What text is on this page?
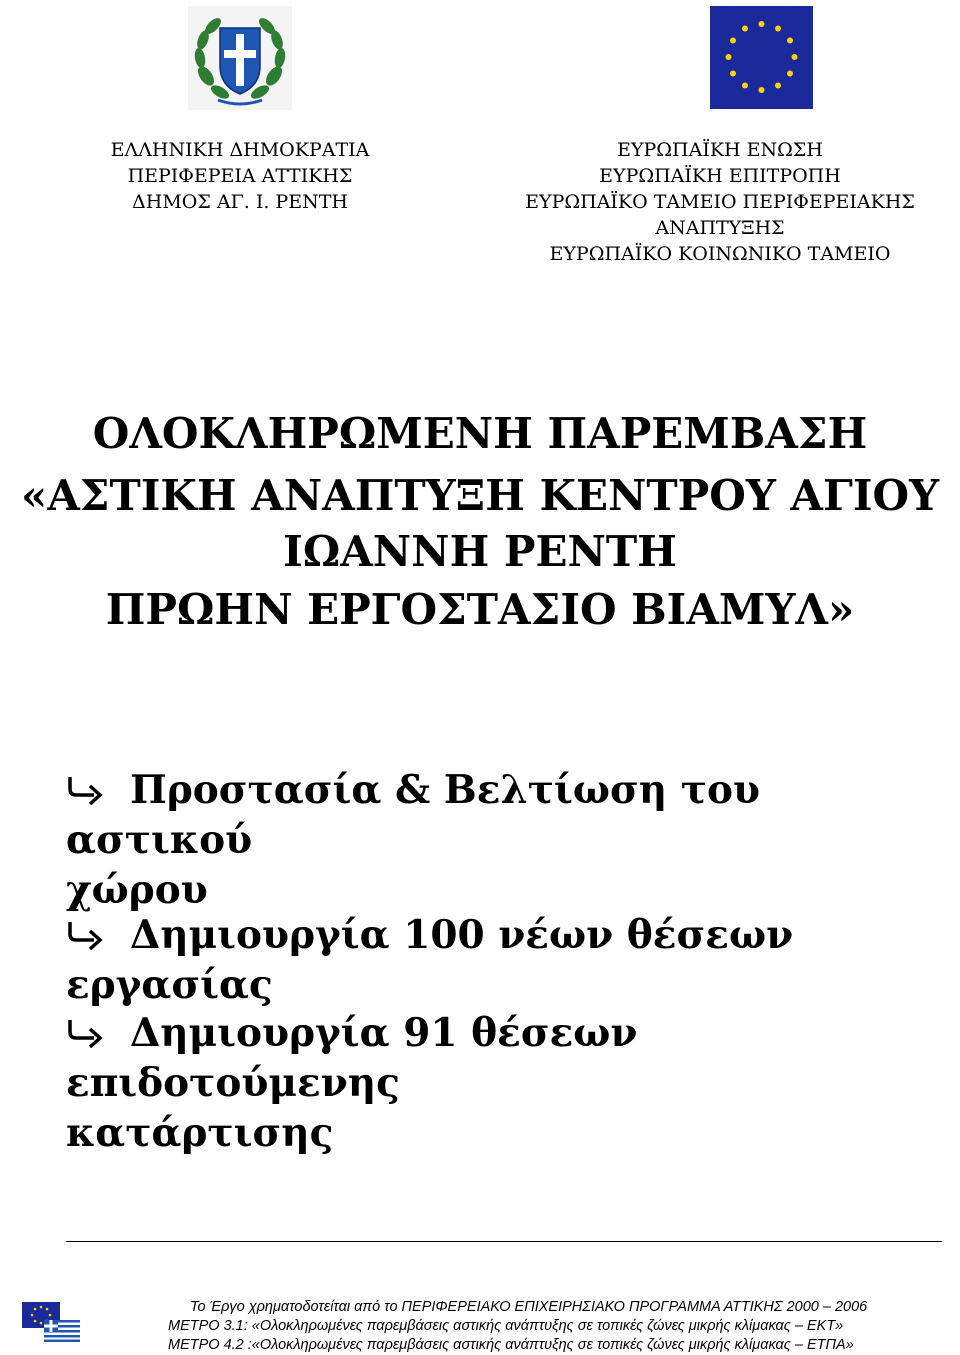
ΕΛΛΗΝΙΚΗ ΔΗΜΟΚΡΑΤΙΑ
ΠΕΡΙΦΕΡΕΙΑ ΑΤΤΙΚΗΣ
ΔΗΜΟΣ ΑΓ. Ι. ΡΕΝΤΗ
ΕΥΡΩΠΑΪΚΗ ΕΝΩΣΗ
ΕΥΡΩΠΑΪΚΗ ΕΠΙΤΡΟΠΗ
ΕΥΡΩΠΑΪΚΟ ΤΑΜΕΙΟ ΠΕΡΙΦΕΡΕΙΑΚΗΣ
ΑΝΑΠΤΥΞΗΣ
ΕΥΡΩΠΑΪΚΟ ΚΟΙΝΩΝΙΚΟ ΤΑΜΕΙΟ
ΟΛΟΚΛΗΡΩΜΕΝΗ ΠΑΡΕΜΒΑΣΗ
«ΑΣΤΙΚΗ ΑΝΑΠΤΥΞΗ ΚΕΝΤΡΟΥ ΑΓΙΟΥ
ΙΩΑΝΝΗ ΡΕΝΤΗ
ΠΡΩΗΝ ΕΡΓΟΣΤΑΣΙΟ ΒΙΑΜΥΛ»
Προστασία & Βελτίωση του αστικού
χώρου
Δημιουργία 100 νέων θέσεων εργασίας
Δημιουργία 91 θέσεων επιδοτούμενης
κατάρτισης
Το Έργο χρηματοδοτείται από το ΠΕΡΙΦΕΡΕΙΑΚΟ ΕΠΙΧΕΙΡΗΣΙΑΚΟ ΠΡΟΓΡΑΜΜΑ ΑΤΤΙΚΗΣ 2000 – 2006
ΜΕΤΡΟ 3.1: «Ολοκληρωμένες παρεμβάσεις αστικής ανάπτυξης σε τοπικές ζώνες μικρής κλίμακας – ΕΚΤ»
ΜΕΤΡΟ 4.2 :«Ολοκληρωμένες παρεμβάσεις αστικής ανάπτυξης σε τοπικές ζώνες μικρής κλίμακας – ΕΤΠΑ»
